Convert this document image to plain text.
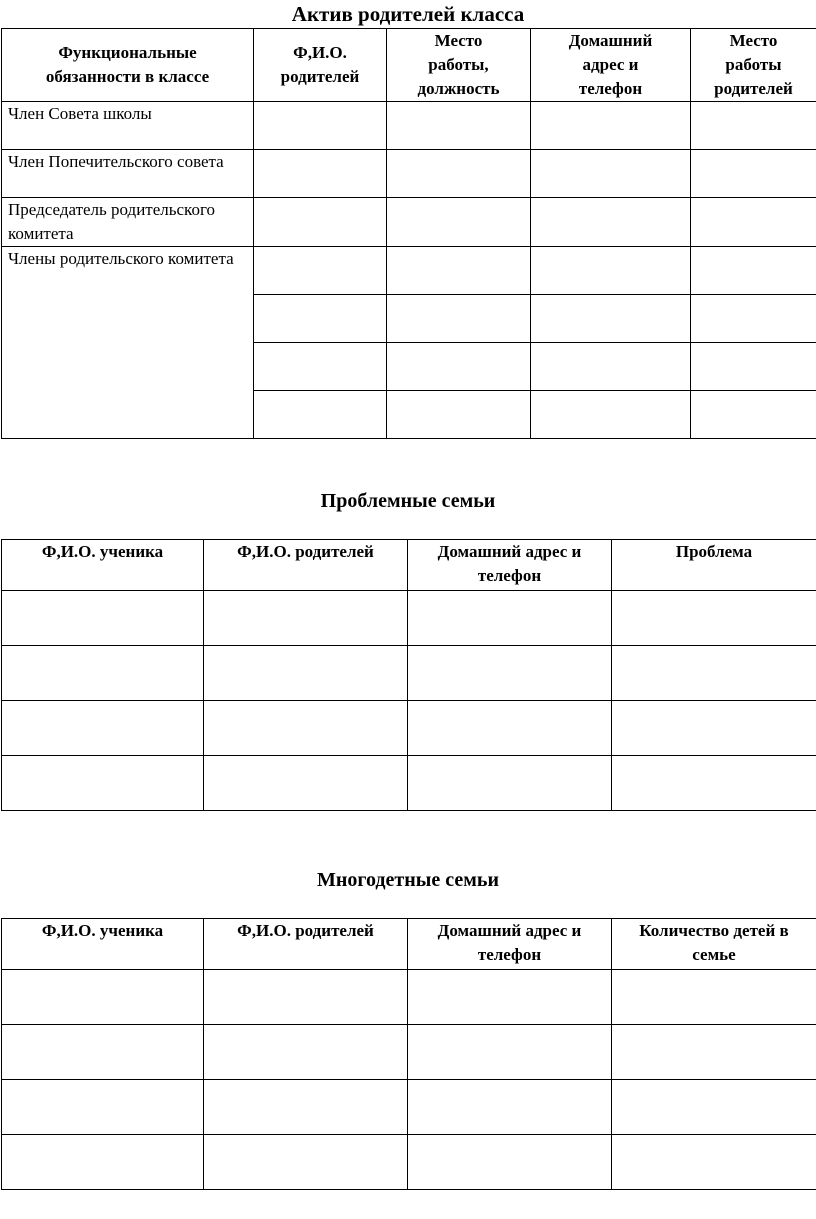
Актив родителей класса
Функциональные
обязанности в классе	Ф,И.О.
родителей	Место
работы,
должность	Домашний
адрес и
телефон	Место
работы
родителей
Член Совета школы				
Член Попечительского совета				
Председатель родительского комитета				
Члены родительского комитета				

Проблемные семьи
Ф,И.О. ученика	Ф,И.О. родителей	Домашний адрес и
телефон	Проблема

Многодетные семьи
Ф,И.О. ученика	Ф,И.О. родителей	Домашний адрес и
телефон	Количество детей в
семье
